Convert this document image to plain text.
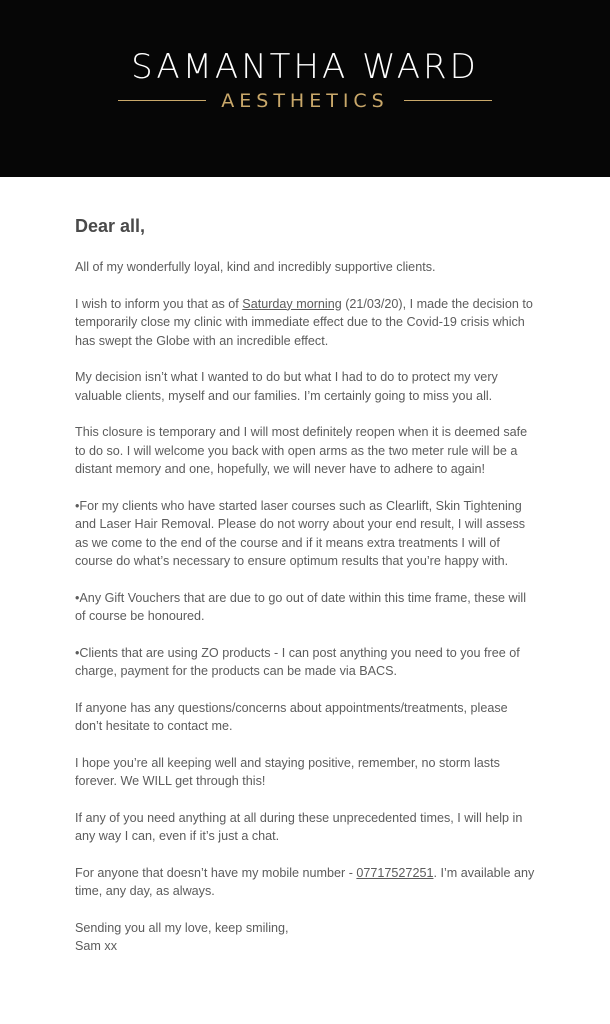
SAMANTHA WARD
AESTHETICS
Dear all,

All of my wonderfully loyal, kind and incredibly supportive clients.

I wish to inform you that as of Saturday morning (21/03/20), I made the decision to temporarily close my clinic with immediate effect due to the Covid-19 crisis which has swept the Globe with an incredible effect.

My decision isn’t what I wanted to do but what I had to do to protect my very valuable clients, myself and our families. I’m certainly going to miss you all.

This closure is temporary and I will most definitely reopen when it is deemed safe to do so. I will welcome you back with open arms as the two meter rule will be a distant memory and one, hopefully, we will never have to adhere to again!

•For my clients who have started laser courses such as Clearlift, Skin Tightening and Laser Hair Removal. Please do not worry about your end result, I will assess as we come to the end of the course and if it means extra treatments I will of course do what’s necessary to ensure optimum results that you’re happy with.

•Any Gift Vouchers that are due to go out of date within this time frame, these will of course be honoured.

•Clients that are using ZO products - I can post anything you need to you free of charge, payment for the products can be made via BACS.

If anyone has any questions/concerns about appointments/treatments, please don’t hesitate to contact me.

I hope you’re all keeping well and staying positive, remember, no storm lasts forever. We WILL get through this!

If any of you need anything at all during these unprecedented times, I will help in any way I can, even if it’s just a chat.

For anyone that doesn’t have my mobile number - 07717527251. I’m available any time, any day, as always.

Sending you all my love, keep smiling,

Sam xx
